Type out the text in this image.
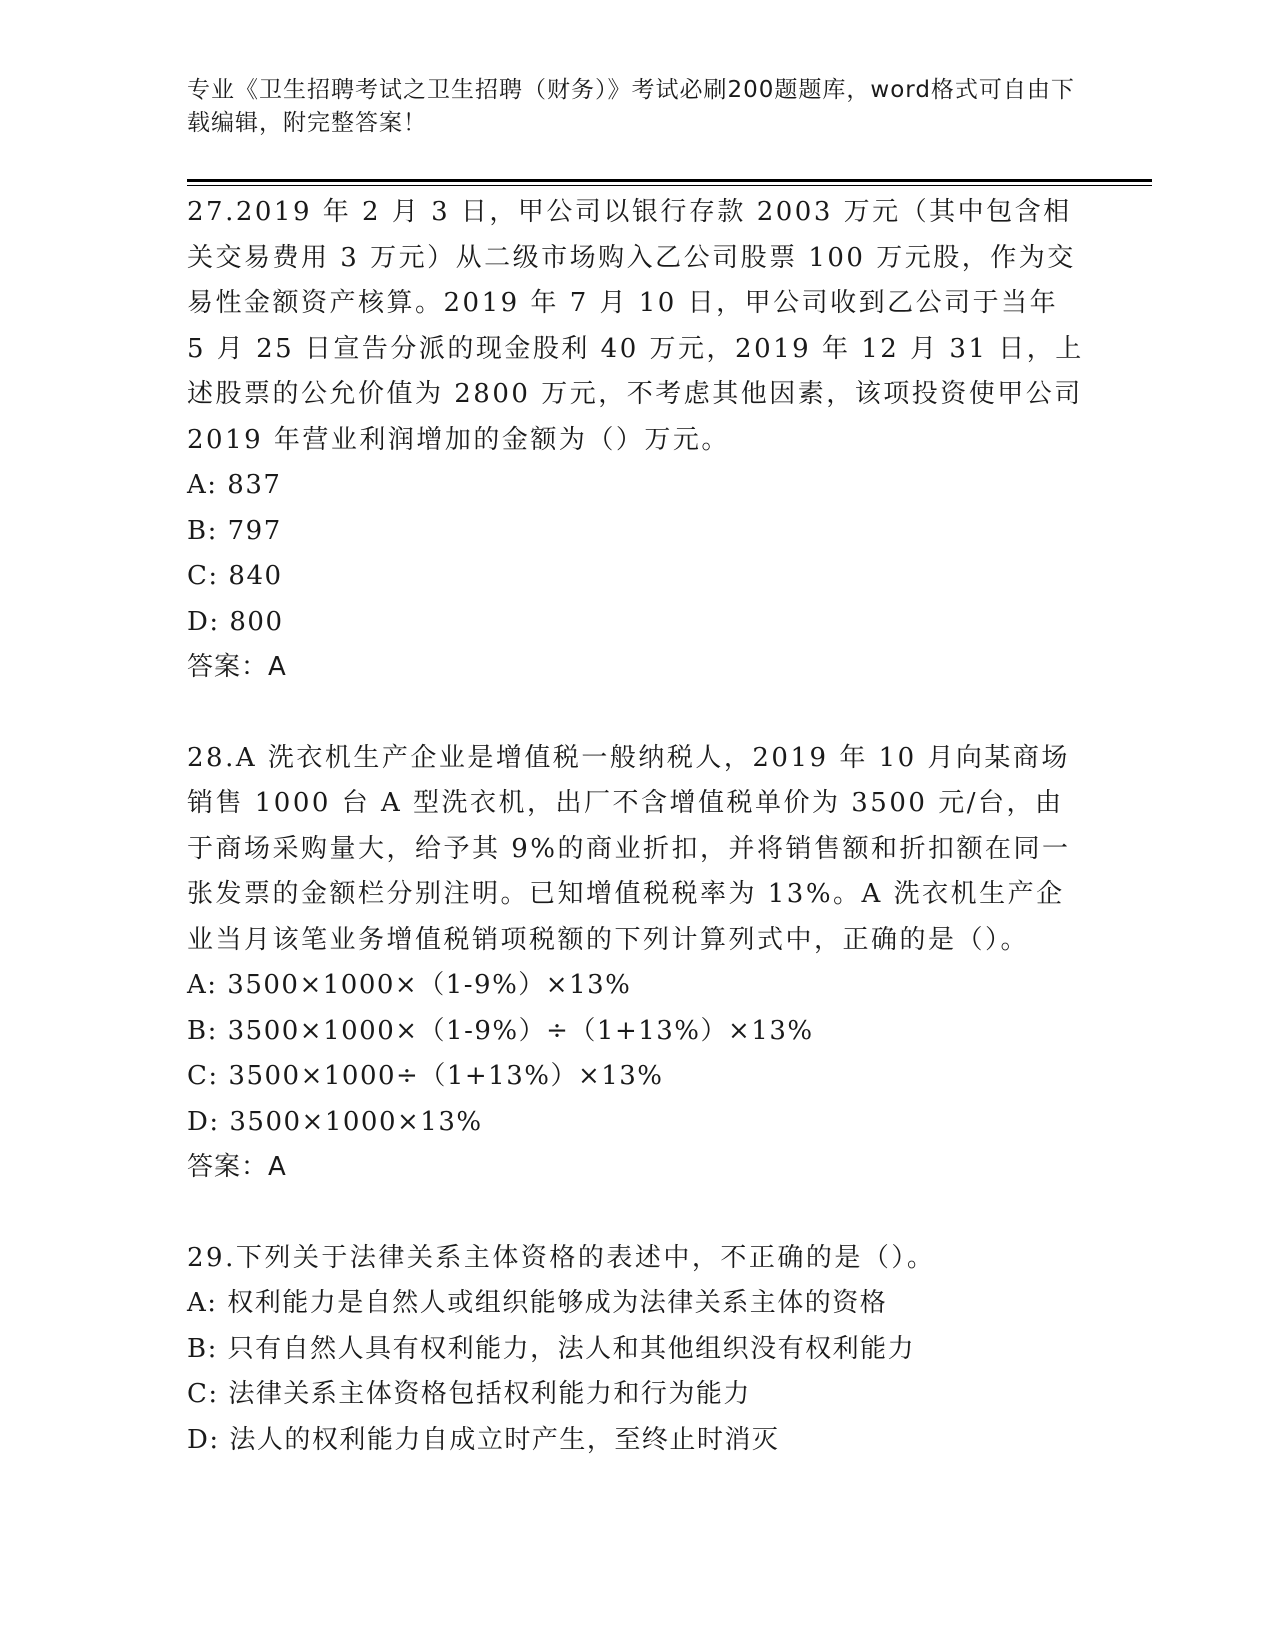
专业《卫生招聘考试之卫生招聘（财务）》考试必刷200题题库，word格式可自由下载编辑，附完整答案！

27.2019 年 2 月 3 日，甲公司以银行存款 2003 万元（其中包含相关交易费用 3 万元）从二级市场购入乙公司股票 100 万元股，作为交易性金额资产核算。2019 年 7 月 10 日，甲公司收到乙公司于当年 5 月 25 日宣告分派的现金股利 40 万元，2019 年 12 月 31 日，上述股票的公允价值为 2800 万元，不考虑其他因素，该项投资使甲公司 2019 年营业利润增加的金额为（）万元。

A: 837

B: 797

C: 840

D: 800

答案：A

28.A 洗衣机生产企业是增值税一般纳税人，2019 年 10 月向某商场销售 1000 台 A 型洗衣机，出厂不含增值税单价为 3500 元/台，由于商场采购量大，给予其 9%的商业折扣，并将销售额和折扣额在同一张发票的金额栏分别注明。已知增值税税率为 13%。A 洗衣机生产企业当月该笔业务增值税销项税额的下列计算列式中，正确的是（）。

A: 3500×1000×（1-9%）×13%

B: 3500×1000×（1-9%）÷（1+13%）×13%

C: 3500×1000÷（1+13%）×13%

D: 3500×1000×13%

答案：A

29.下列关于法律关系主体资格的表述中，不正确的是（）。

A: 权利能力是自然人或组织能够成为法律关系主体的资格

B: 只有自然人具有权利能力，法人和其他组织没有权利能力

C: 法律关系主体资格包括权利能力和行为能力

D: 法人的权利能力自成立时产生，至终止时消灭
